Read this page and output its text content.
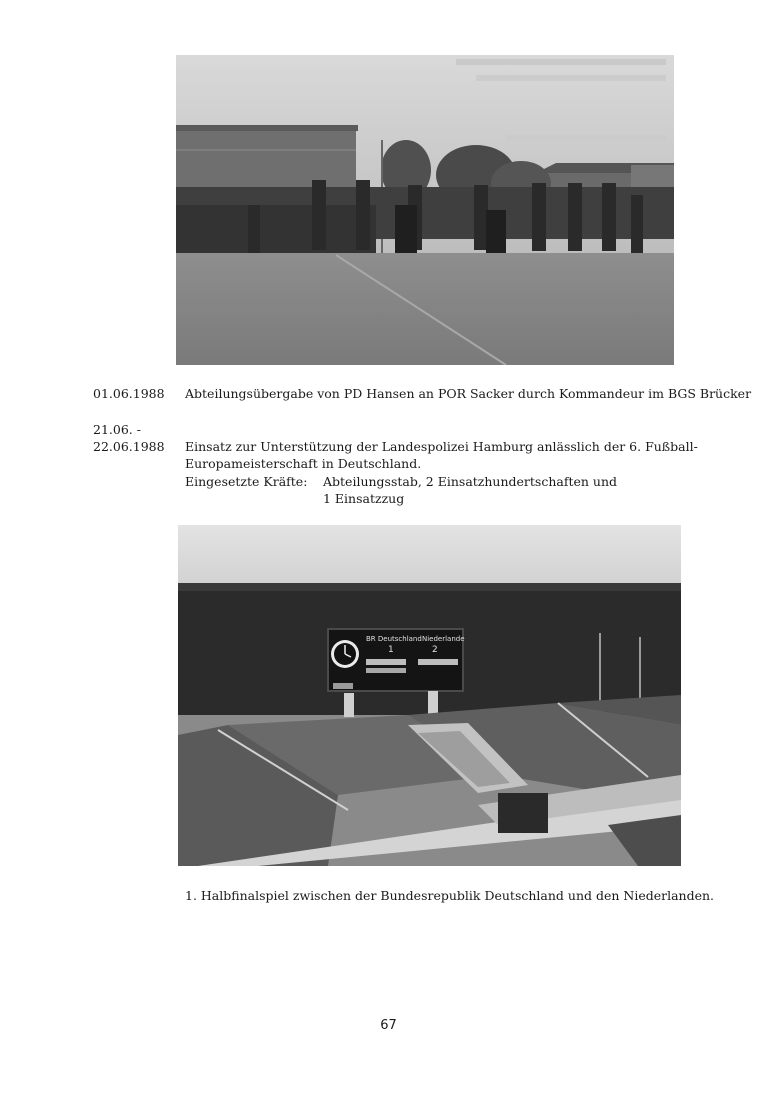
01.06.1988 Abteilungsübergabe von PD Hansen an POR Sacker durch Kommandeur im BGS Brücker
21.06. -
22.06.1988 Einsatz zur Unterstützung der Landespolizei Hamburg anlässlich der 6. Fußball-
Europameisterschaft in Deutschland.
Eingesetzte Kräfte: Abteilungsstab, 2 Einsatzhundertschaften und
1 Einsatzzug
BR Deutschland Niederlande
1	2
1. Halbfinalspiel zwischen der Bundesrepublik Deutschland und den Niederlanden.
67
